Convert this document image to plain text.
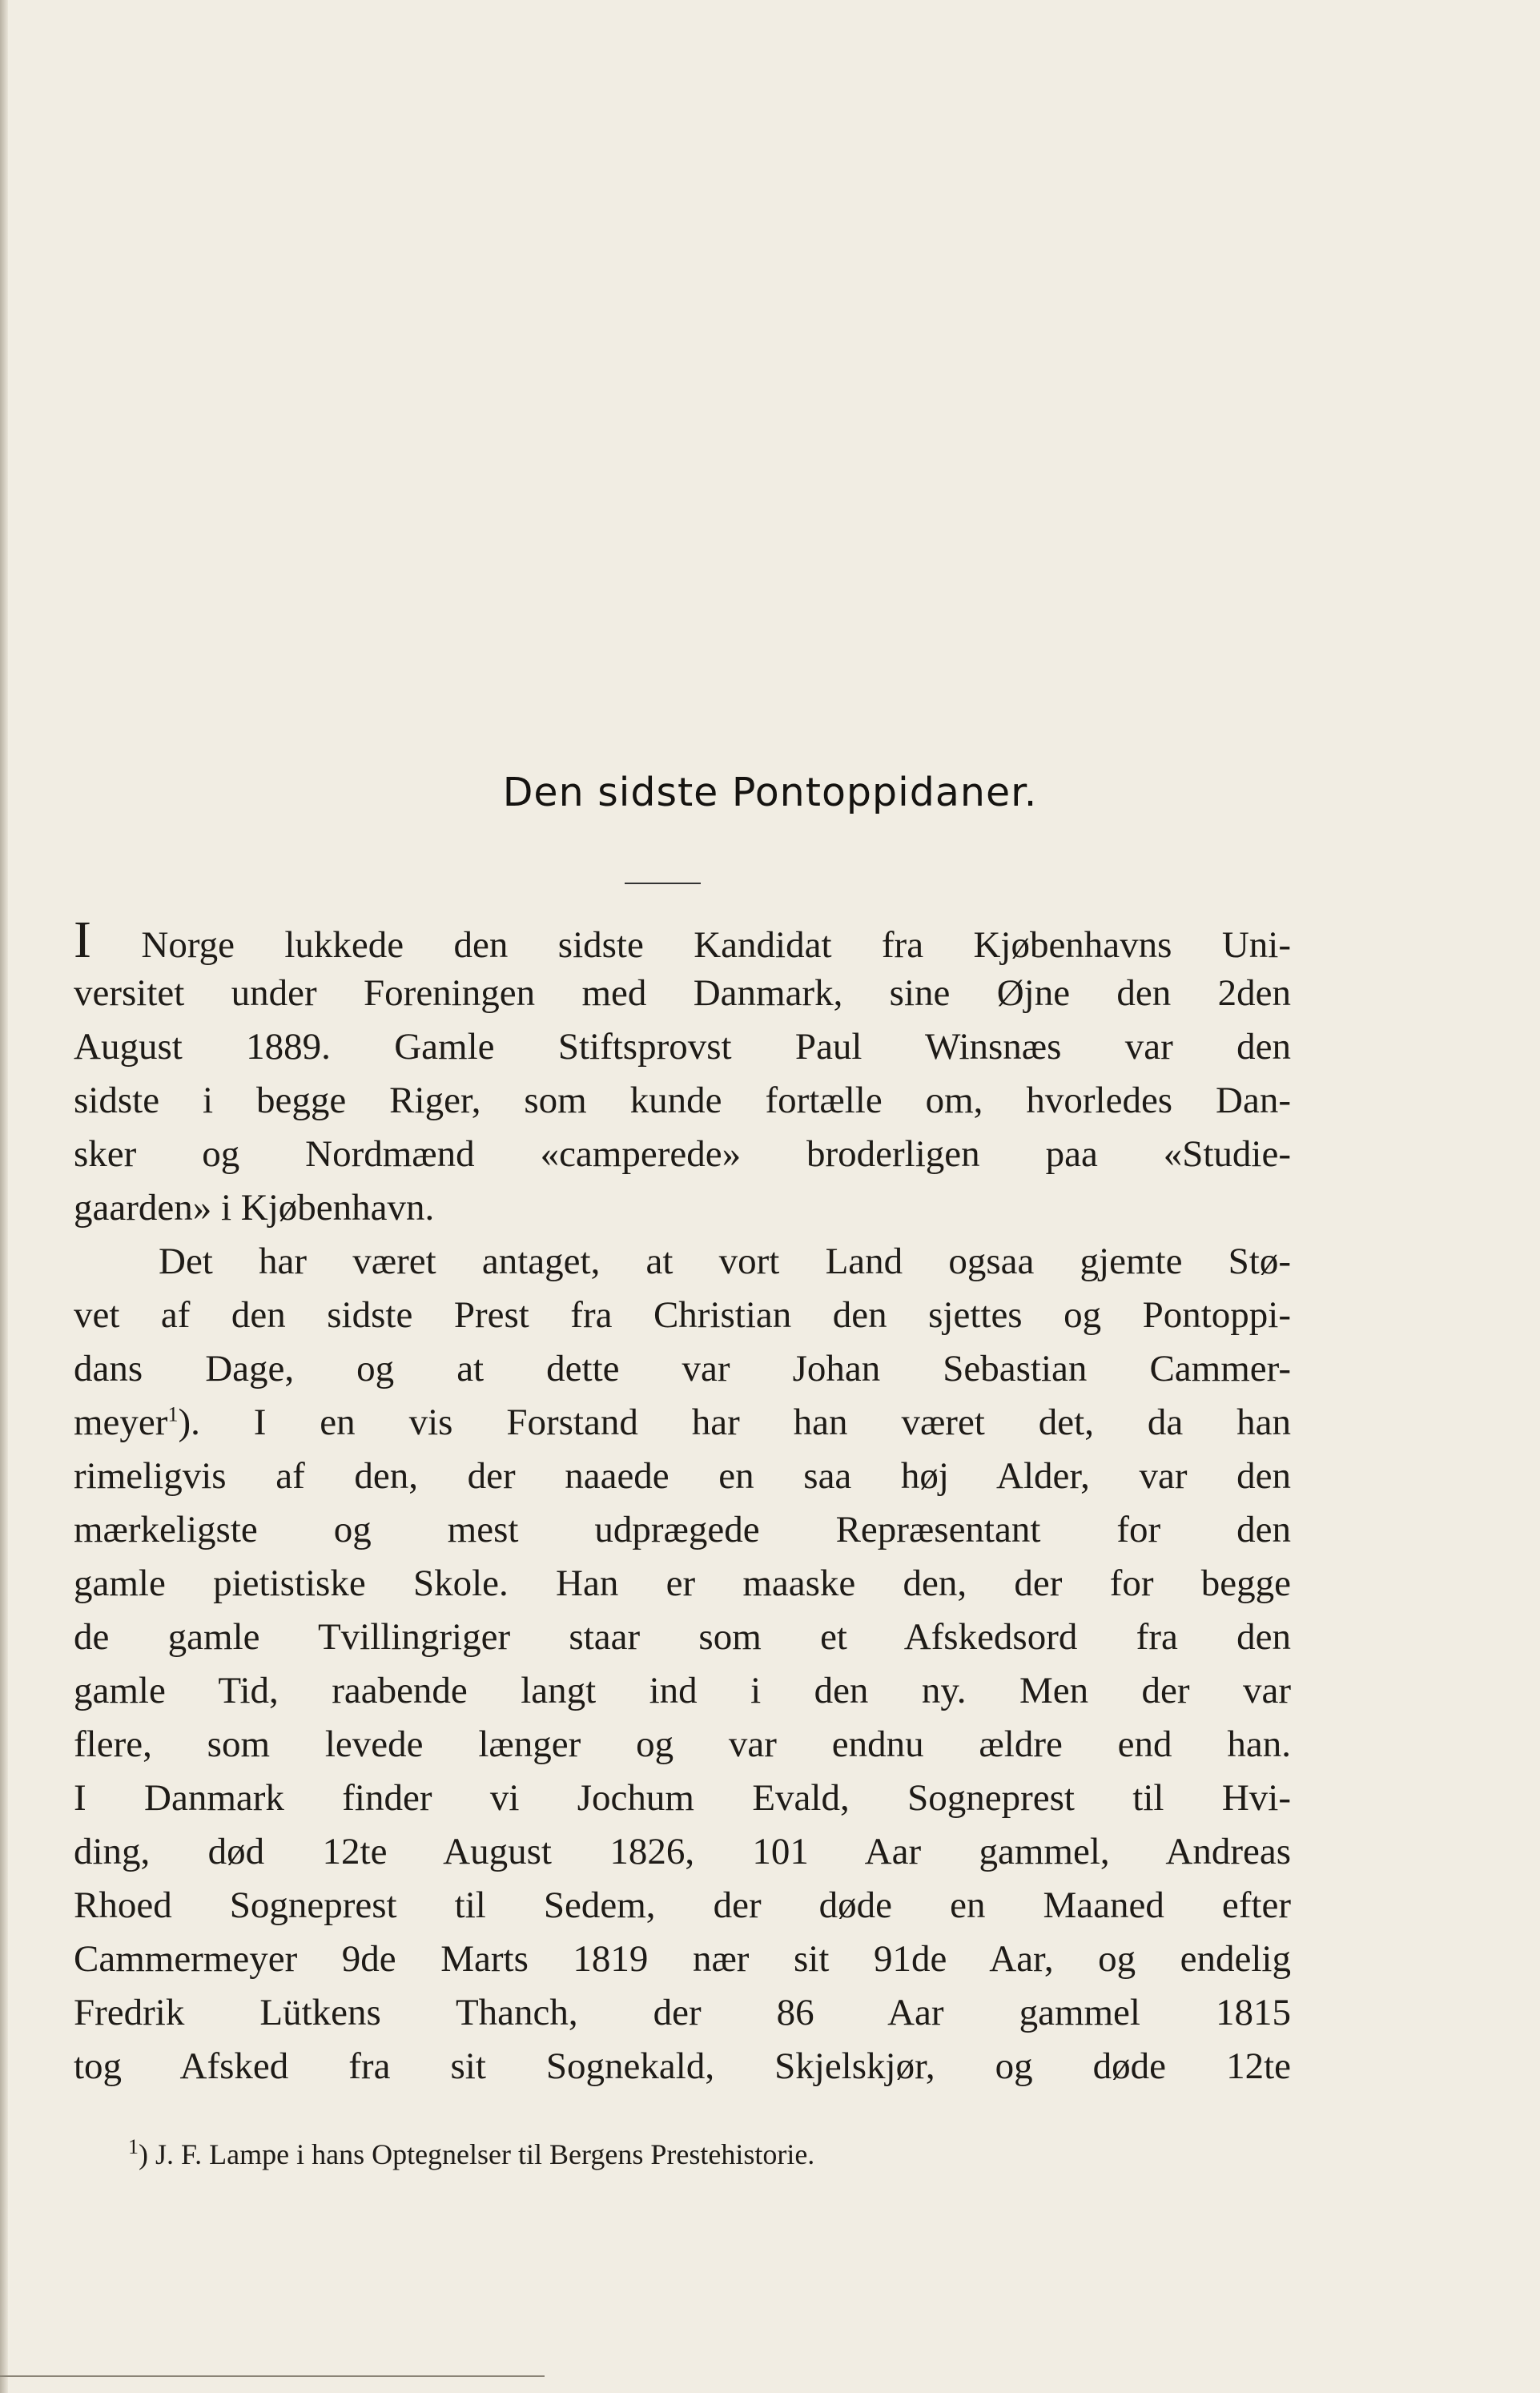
Den sidste Pontoppidaner.
I Norge lukkede den sidste Kandidat fra Kjøbenhavns Uni-
versitet under Foreningen med Danmark, sine Øjne den 2den
August 1889. Gamle Stiftsprovst Paul Winsnæs var den
sidste i begge Riger, som kunde fortælle om, hvorledes Dan-
sker og Nordmænd «camperede» broderligen paa «Studie-
gaarden» i Kjøbenhavn.
Det har været antaget, at vort Land ogsaa gjemte Stø-
vet af den sidste Prest fra Christian den sjettes og Pontoppi-
dans Dage, og at dette var Johan Sebastian Cammer-
meyer$^1$). I en vis Forstand har han været det, da han
rimeligvis af den, der naaede en saa høj Alder, var den
mærkeligste og mest udprægede Repræsentant for den
gamle pietistiske Skole. Han er maaske den, der for begge
de gamle Tvillingriger staar som et Afskedsord fra den
gamle Tid, raabende langt ind i den ny. Men der var
flere, som levede længer og var endnu ældre end han.
I Danmark finder vi Jochum Evald, Sogneprest til Hvi-
ding, død 12te August 1826, 101 Aar gammel, Andreas
Rhoed Sogneprest til Sedem, der døde en Maaned efter
Cammermeyer 9de Marts 1819 nær sit 91de Aar, og endelig
Fredrik Lütkens Thanch, der 86 Aar gammel 1815
tog Afsked fra sit Sognekald, Skjelskjør, og døde 12te
$^1$) J. F. Lampe i hans Optegnelser til Bergens Prestehistorie.
